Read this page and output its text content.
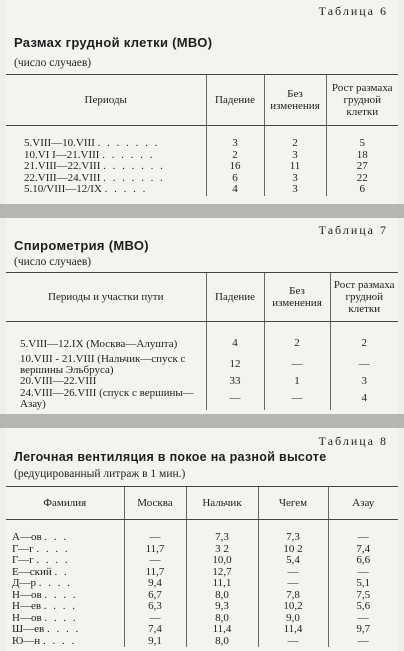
Таблица 6
Размах грудной клетки (МВО)
(число случаев)
Периоды	Падение	Без изменения	Рост размаха грудной клетки

5.VIII—10.VIII . . . . . . .	3	2	5
10.VI I—21.VIII . . . . . .	2	3	18
21.VIII—22.VIII . . . . . . .	16	11	27
22.VIII—24.VIII . . . . . . .	6	3	22
5.10/VIII—12/IX . . . . .	4	3	6
Таблица 7
Спирометрия (МВО)
(число случаев)
Периоды и участки пути	Падение	Без изменения	Рост размаха грудной клетки

5.VIII—12.IX (Москва—Алушта)	4	2	2
10.VIII - 21.VIII (Нальчик—спуск с вершины Эльбруса)	12	—	—
20.VIII—22.VIII	33	1	3
24.VIII—26.VIII (спуск с вершины—Азау)	—	—	4
Таблица 8
Легочная вентиляция в покое на разной высоте
(редуцированный литраж в 1 мин.)
Фамилия	Москва	Нальчик	Чегем	Азау

А—ов . . .	—	7,3	7,3	—
Г—г . . . .	11,7	3 2	10 2	7,4
Г—г . . . .	—	10,0	5,4	6,6
Е—ский . .	11,7	12,7	—	—
Д—р . . . .	9,4	11,1	—	5,1
Н—ов . . . .	6,7	8,0	7,8	7,5
Н—ев . . . .	6,3	9,3	10,2	5,6
Н—ов . . . .	—	8,0	9,0	—
Ш—ев . . . .	7,4	11,4	11,4	9,7
Ю—н . . . .	9,1	8,0	—	—
